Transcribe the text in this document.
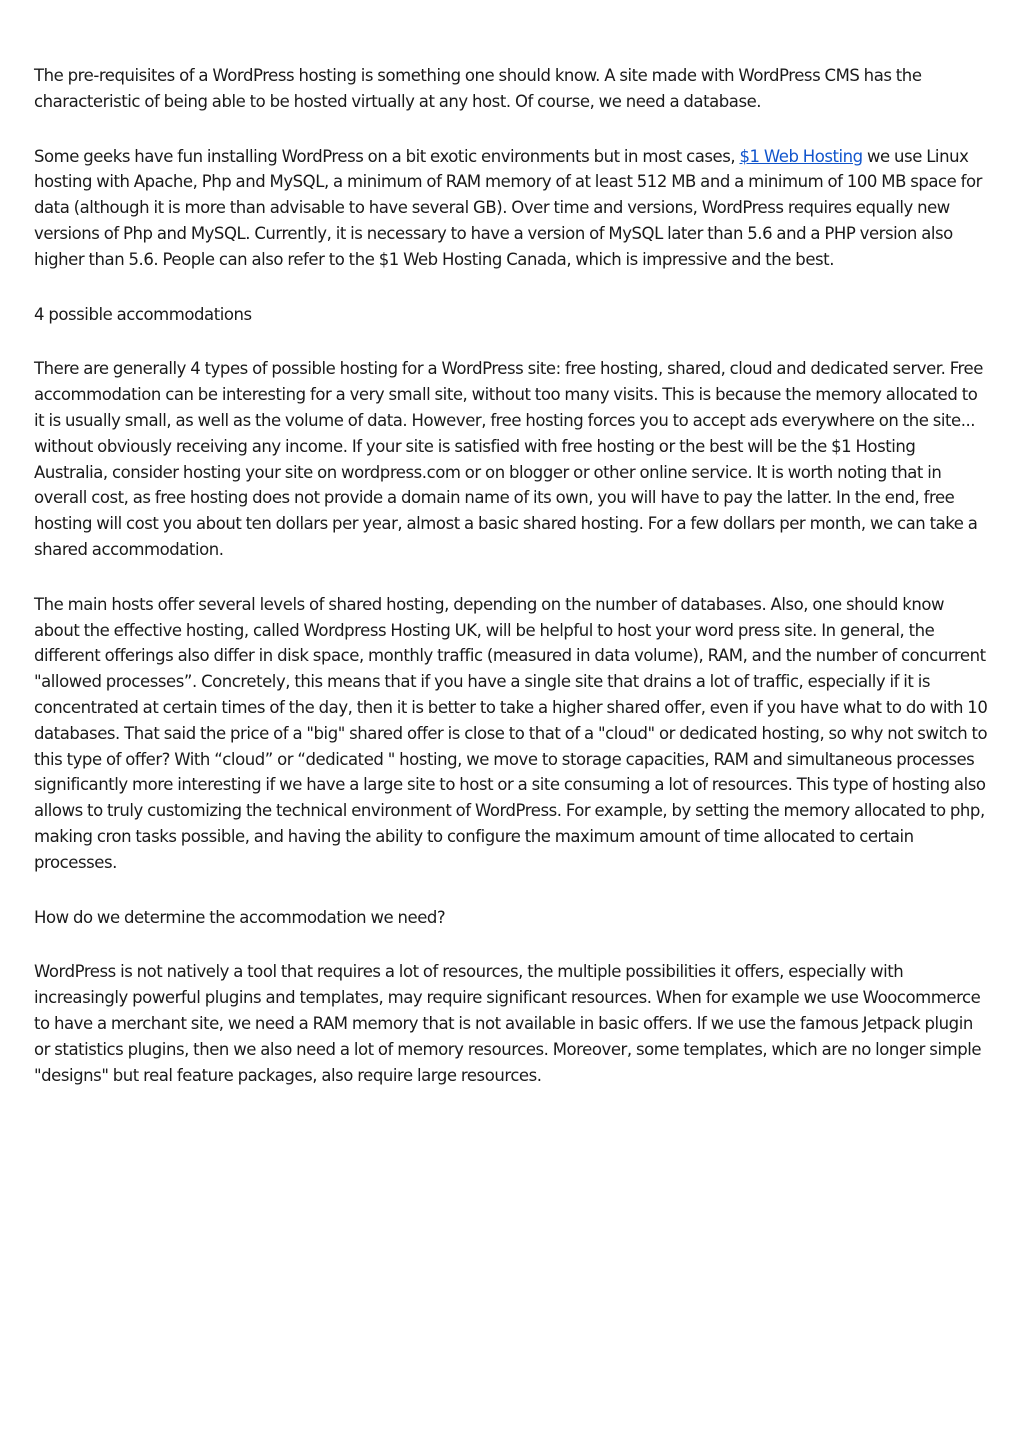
The pre-requisites of a WordPress hosting is something one should know. A site made with WordPress CMS has the characteristic of being able to be hosted virtually at any host. Of course, we need a database.

Some geeks have fun installing WordPress on a bit exotic environments but in most cases, $1 Web Hosting we use Linux hosting with Apache, Php and MySQL, a minimum of RAM memory of at least 512 MB and a minimum of 100 MB space for data (although it is more than advisable to have several GB). Over time and versions, WordPress requires equally new versions of Php and MySQL. Currently, it is necessary to have a version of MySQL later than 5.6 and a PHP version also higher than 5.6. People can also refer to the $1 Web Hosting Canada, which is impressive and the best.

4 possible accommodations

There are generally 4 types of possible hosting for a WordPress site: free hosting, shared, cloud and dedicated server. Free accommodation can be interesting for a very small site, without too many visits. This is because the memory allocated to it is usually small, as well as the volume of data. However, free hosting forces you to accept ads everywhere on the site... without obviously receiving any income. If your site is satisfied with free hosting or the best will be the $1 Hosting Australia, consider hosting your site on wordpress.com or on blogger or other online service. It is worth noting that in overall cost, as free hosting does not provide a domain name of its own, you will have to pay the latter. In the end, free hosting will cost you about ten dollars per year, almost a basic shared hosting. For a few dollars per month, we can take a shared accommodation.

The main hosts offer several levels of shared hosting, depending on the number of databases. Also, one should know about the effective hosting, called Wordpress Hosting UK, will be helpful to host your word press site. In general, the different offerings also differ in disk space, monthly traffic (measured in data volume), RAM, and the number of concurrent "allowed processes”. Concretely, this means that if you have a single site that drains a lot of traffic, especially if it is concentrated at certain times of the day, then it is better to take a higher shared offer, even if you have what to do with 10 databases. That said the price of a "big" shared offer is close to that of a "cloud" or dedicated hosting, so why not switch to this type of offer? With “cloud” or “dedicated " hosting, we move to storage capacities, RAM and simultaneous processes significantly more interesting if we have a large site to host or a site consuming a lot of resources. This type of hosting also allows to truly customizing the technical environment of WordPress. For example, by setting the memory allocated to php, making cron tasks possible, and having the ability to configure the maximum amount of time allocated to certain processes.

How do we determine the accommodation we need?

WordPress is not natively a tool that requires a lot of resources, the multiple possibilities it offers, especially with increasingly powerful plugins and templates, may require significant resources. When for example we use Woocommerce to have a merchant site, we need a RAM memory that is not available in basic offers. If we use the famous Jetpack plugin or statistics plugins, then we also need a lot of memory resources. Moreover, some templates, which are no longer simple "designs" but real feature packages, also require large resources.
